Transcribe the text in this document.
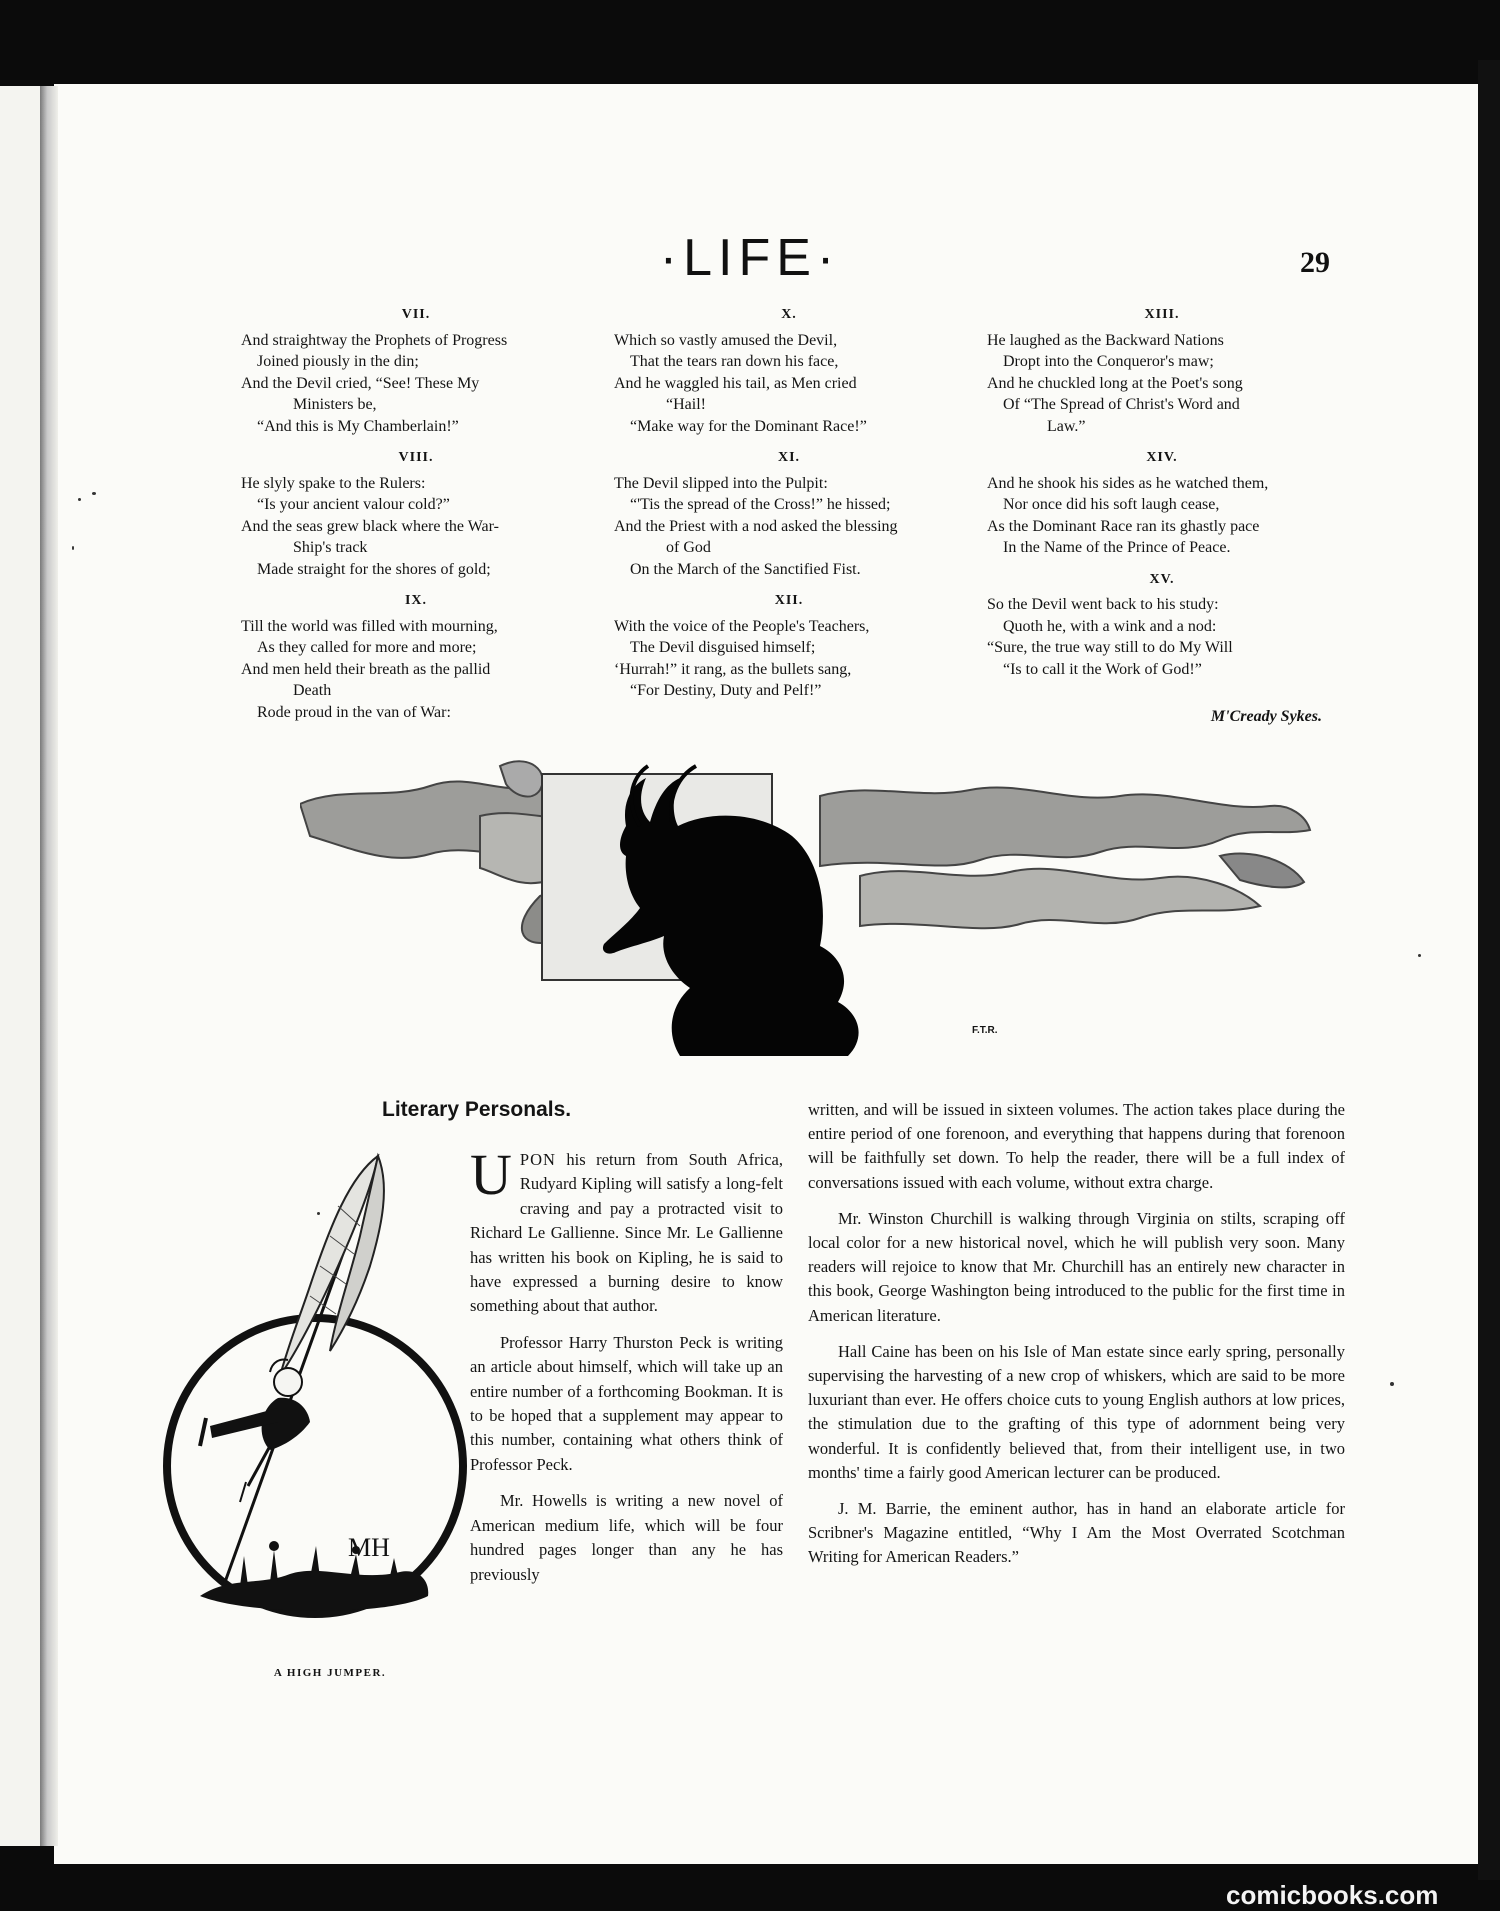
·LIFE·	29
VII.
And straightway the Prophets of Progress
Joined piously in the din;
And the Devil cried, “See! These My
Ministers be,
“And this is My Chamberlain!”
VIII.
He slyly spake to the Rulers:
“Is your ancient valour cold?”
And the seas grew black where the War-
Ship's track
Made straight for the shores of gold;
IX.
Till the world was filled with mourning,
As they called for more and more;
And men held their breath as the pallid
Death
Rode proud in the van of War:
X.
Which so vastly amused the Devil,
That the tears ran down his face,
And he waggled his tail, as Men cried
“Hail!
“Make way for the Dominant Race!”
XI.
The Devil slipped into the Pulpit:
“'Tis the spread of the Cross!” he hissed;
And the Priest with a nod asked the blessing
of God
On the March of the Sanctified Fist.
XII.
With the voice of the People's Teachers,
The Devil disguised himself;
‘Hurrah!” it rang, as the bullets sang,
“For Destiny, Duty and Pelf!”
XIII.
He laughed as the Backward Nations
Dropt into the Conqueror's maw;
And he chuckled long at the Poet's song
Of “The Spread of Christ's Word and
Law.”
XIV.
And he shook his sides as he watched them,
Nor once did his soft laugh cease,
As the Dominant Race ran its ghastly pace
In the Name of the Prince of Peace.
XV.
So the Devil went back to his study:
Quoth he, with a wink and a nod:
“Sure, the true way still to do My Will
“Is to call it the Work of God!”
M'Cready Sykes.
F.T.R.
Literary Personals.
MH
A HIGH JUMPER.

U PON his return from South Africa, Rudyard Kipling will satisfy a long-felt craving and pay a protracted visit to Richard Le Gallienne. Since Mr. Le Gallienne has written his book on Kipling, he is said to have expressed a burning desire to know something about that author.

Professor Harry Thurston Peck is writing an article about himself, which will take up an entire number of a forthcoming Bookman. It is to be hoped that a supplement may appear to this number, containing what others think of Professor Peck.

Mr. Howells is writing a new novel of American medium life, which will be four hundred pages longer than any he has previously

written, and will be issued in sixteen volumes. The action takes place during the entire period of one forenoon, and everything that happens during that forenoon will be faithfully set down. To help the reader, there will be a full index of conversations issued with each volume, without extra charge.

Mr. Winston Churchill is walking through Virginia on stilts, scraping off local color for a new historical novel, which he will publish very soon. Many readers will rejoice to know that Mr. Churchill has an entirely new character in this book, George Washington being introduced to the public for the first time in American literature.

Hall Caine has been on his Isle of Man estate since early spring, personally supervising the harvesting of a new crop of whiskers, which are said to be more luxuriant than ever. He offers choice cuts to young English authors at low prices, the stimulation due to the grafting of this type of adornment being very wonderful. It is confidently believed that, from their intelligent use, in two months' time a fairly good American lecturer can be produced.

J. M. Barrie, the eminent author, has in hand an elaborate article for Scribner's Magazine entitled, “Why I Am the Most Overrated Scotchman Writing for American Readers.”

comicbooks.com
